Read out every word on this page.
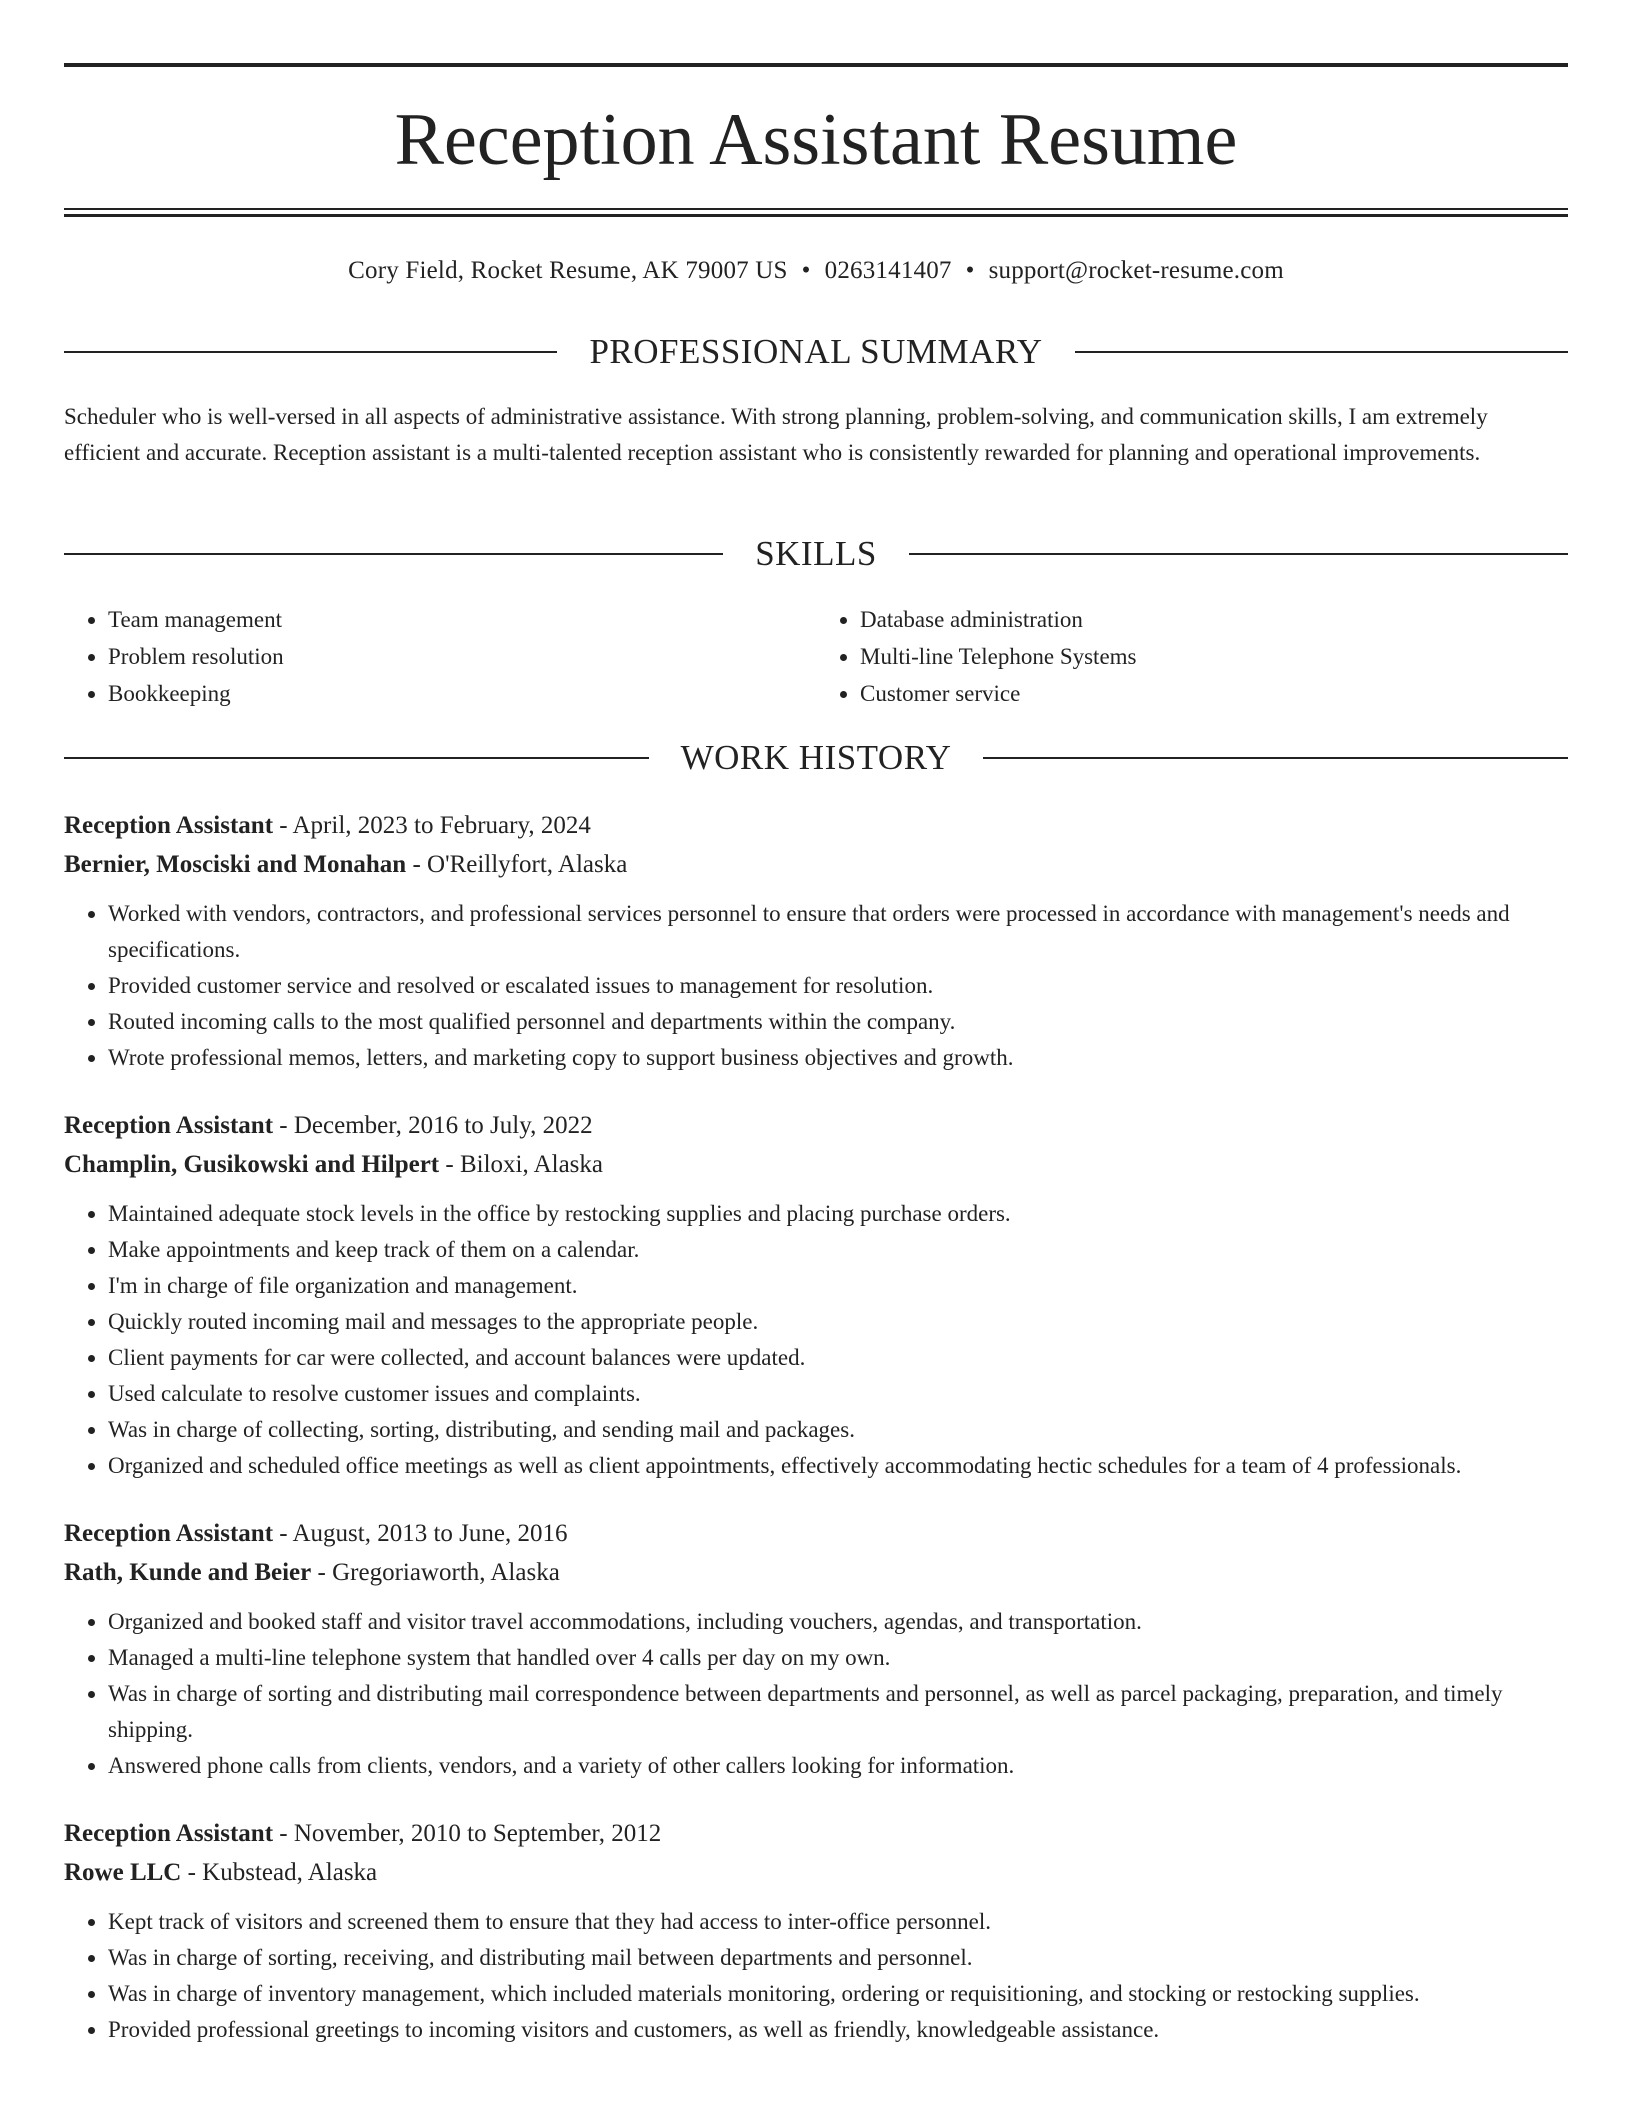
Reception Assistant Resume
Cory Field, Rocket Resume, AK 79007 US • 0263141407 • support@rocket-resume.com
PROFESSIONAL SUMMARY

Scheduler who is well-versed in all aspects of administrative assistance. With strong planning, problem-solving, and communication skills, I am extremely efficient and accurate. Reception assistant is a multi-talented reception assistant who is consistently rewarded for planning and operational improvements.

SKILLS
• Team management
• Problem resolution
• Bookkeeping
• Database administration
• Multi-line Telephone Systems
• Customer service
WORK HISTORY
Reception Assistant - April, 2023 to February, 2024
Bernier, Mosciski and Monahan - O'Reillyfort, Alaska
• Worked with vendors, contractors, and professional services personnel to ensure that orders were processed in accordance with management's needs and specifications.
• Provided customer service and resolved or escalated issues to management for resolution.
• Routed incoming calls to the most qualified personnel and departments within the company.
• Wrote professional memos, letters, and marketing copy to support business objectives and growth.
Reception Assistant - December, 2016 to July, 2022
Champlin, Gusikowski and Hilpert - Biloxi, Alaska
• Maintained adequate stock levels in the office by restocking supplies and placing purchase orders.
• Make appointments and keep track of them on a calendar.
• I'm in charge of file organization and management.
• Quickly routed incoming mail and messages to the appropriate people.
• Client payments for car were collected, and account balances were updated.
• Used calculate to resolve customer issues and complaints.
• Was in charge of collecting, sorting, distributing, and sending mail and packages.
• Organized and scheduled office meetings as well as client appointments, effectively accommodating hectic schedules for a team of 4 professionals.
Reception Assistant - August, 2013 to June, 2016
Rath, Kunde and Beier - Gregoriaworth, Alaska
• Organized and booked staff and visitor travel accommodations, including vouchers, agendas, and transportation.
• Managed a multi-line telephone system that handled over 4 calls per day on my own.
• Was in charge of sorting and distributing mail correspondence between departments and personnel, as well as parcel packaging, preparation, and timely shipping.
• Answered phone calls from clients, vendors, and a variety of other callers looking for information.
Reception Assistant - November, 2010 to September, 2012
Rowe LLC - Kubstead, Alaska
• Kept track of visitors and screened them to ensure that they had access to inter-office personnel.
• Was in charge of sorting, receiving, and distributing mail between departments and personnel.
• Was in charge of inventory management, which included materials monitoring, ordering or requisitioning, and stocking or restocking supplies.
• Provided professional greetings to incoming visitors and customers, as well as friendly, knowledgeable assistance.
